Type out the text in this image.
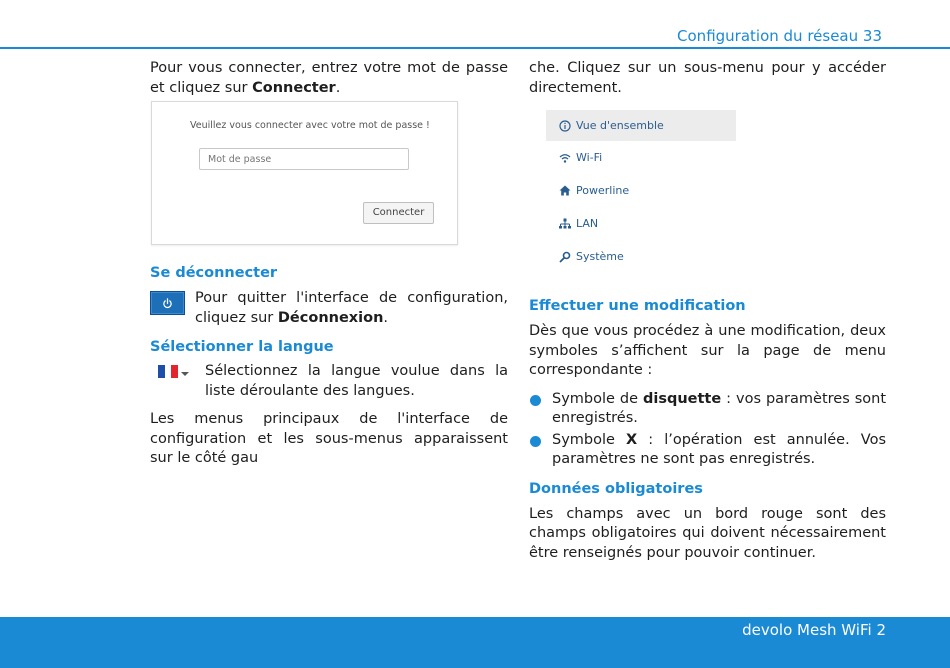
Configuration du réseau 33

Pour vous connecter, entrez votre mot de passe et cliquez sur Connecter.

Veuillez vous connecter avec votre mot de passe !
Connecter
Se déconnecter

Pour quitter l'interface de configuration, cliquez sur Déconnexion.

Sélectionner la langue

Sélectionnez la langue voulue dans la liste déroulante des langues.

Les menus principaux de l'interface de configuration et les sous-menus apparaissent sur le côté gau

che. Cliquez sur un sous-menu pour y accéder directement.

Vue d'ensemble
Wi-Fi
Powerline
LAN
Système
Effectuer une modification

Dès que vous procédez à une modification, deux symboles s’affichent sur la page de menu correspondante :

Symbole de disquette : vos paramètres sont enregistrés.
Symbole X : l’opération est annulée. Vos paramètres ne sont pas enregistrés.
Données obligatoires

Les champs avec un bord rouge sont des champs obligatoires qui doivent nécessairement être renseignés pour pouvoir continuer.

devolo Mesh WiFi 2
